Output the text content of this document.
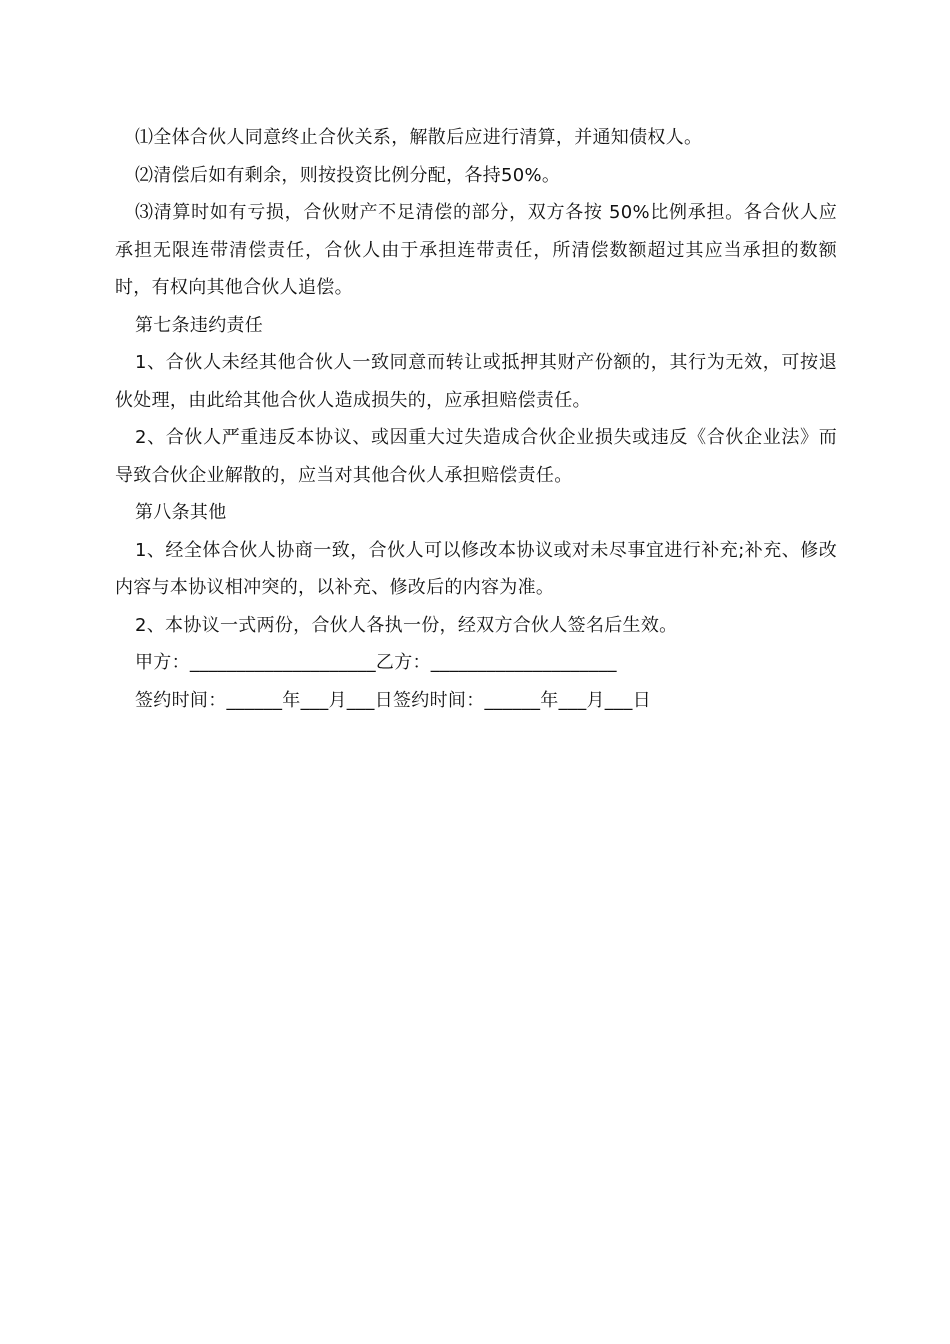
⑴全体合伙人同意终止合伙关系，解散后应进行清算，并通知债权人。

⑵清偿后如有剩余，则按投资比例分配，各持50%。

⑶清算时如有亏损，合伙财产不足清偿的部分，双方各按 50%比例承担。各合伙人应承担无限连带清偿责任，合伙人由于承担连带责任，所清偿数额超过其应当承担的数额时，有权向其他合伙人追偿。

第七条违约责任

1、合伙人未经其他合伙人一致同意而转让或抵押其财产份额的，其行为无效，可按退伙处理，由此给其他合伙人造成损失的，应承担赔偿责任。

2、合伙人严重违反本协议、或因重大过失造成合伙企业损失或违反《合伙企业法》而导致合伙企业解散的，应当对其他合伙人承担赔偿责任。

第八条其他

1、经全体合伙人协商一致，合伙人可以修改本协议或对未尽事宜进行补充;补充、修改内容与本协议相冲突的，以补充、修改后的内容为准。

2、本协议一式两份，合伙人各执一份，经双方合伙人签名后生效。

甲方：____________________乙方：____________________

签约时间：______年___月___日签约时间：______年___月___日
